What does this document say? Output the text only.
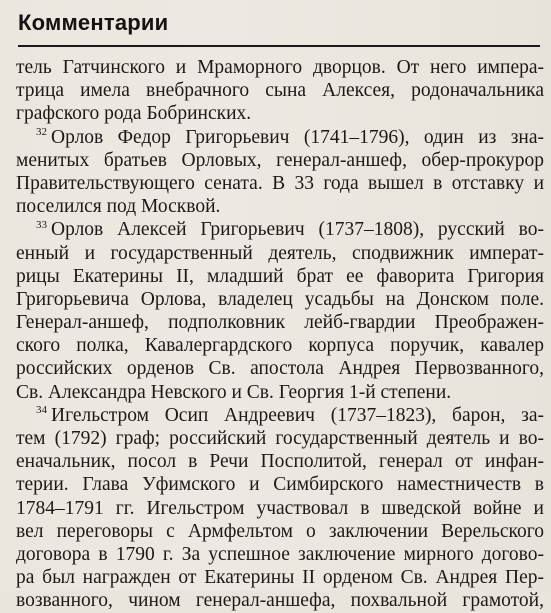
Комментарии
тель Гатчинского и Мраморного дворцов. От него импера-
трица имела внебрачного сына Алексея, родоначальника
графского рода Бобринских.
$^{32}$ Орлов Федор Григорьевич (1741–1796), один из зна-
менитых братьев Орловых, генерал-аншеф, обер-прокурор
Правительствующего сената. В 33 года вышел в отставку и
поселился под Москвой.
$^{33}$ Орлов Алексей Григорьевич (1737–1808), русский во-
енный и государственный деятель, сподвижник императ-
рицы Екатерины II, младший брат ее фаворита Григория
Григорьевича Орлова, владелец усадьбы на Донском поле.
Генерал-аншеф, подполковник лейб-гвардии Преображен-
ского полка, Кавалергардского корпуса поручик, кавалер
российских орденов Св. апостола Андрея Первозванного,
Св. Александра Невского и Св. Георгия 1-й степени.
$^{34}$ Игельстром Осип Андреевич (1737–1823), барон, за-
тем (1792) граф; российский государственный деятель и во-
еначальник, посол в Речи Посполитой, генерал от инфан-
терии. Глава Уфимского и Симбирского наместничеств в
1784–1791 гг. Игельстром участвовал в шведской войне и
вел переговоры с Армфельтом о заключении Верельского
договора в 1790 г. За успешное заключение мирного догово-
ра был награжден от Екатерины II орденом Св. Андрея Пер-
возванного, чином генерал-аншефа, похвальной грамотой,
